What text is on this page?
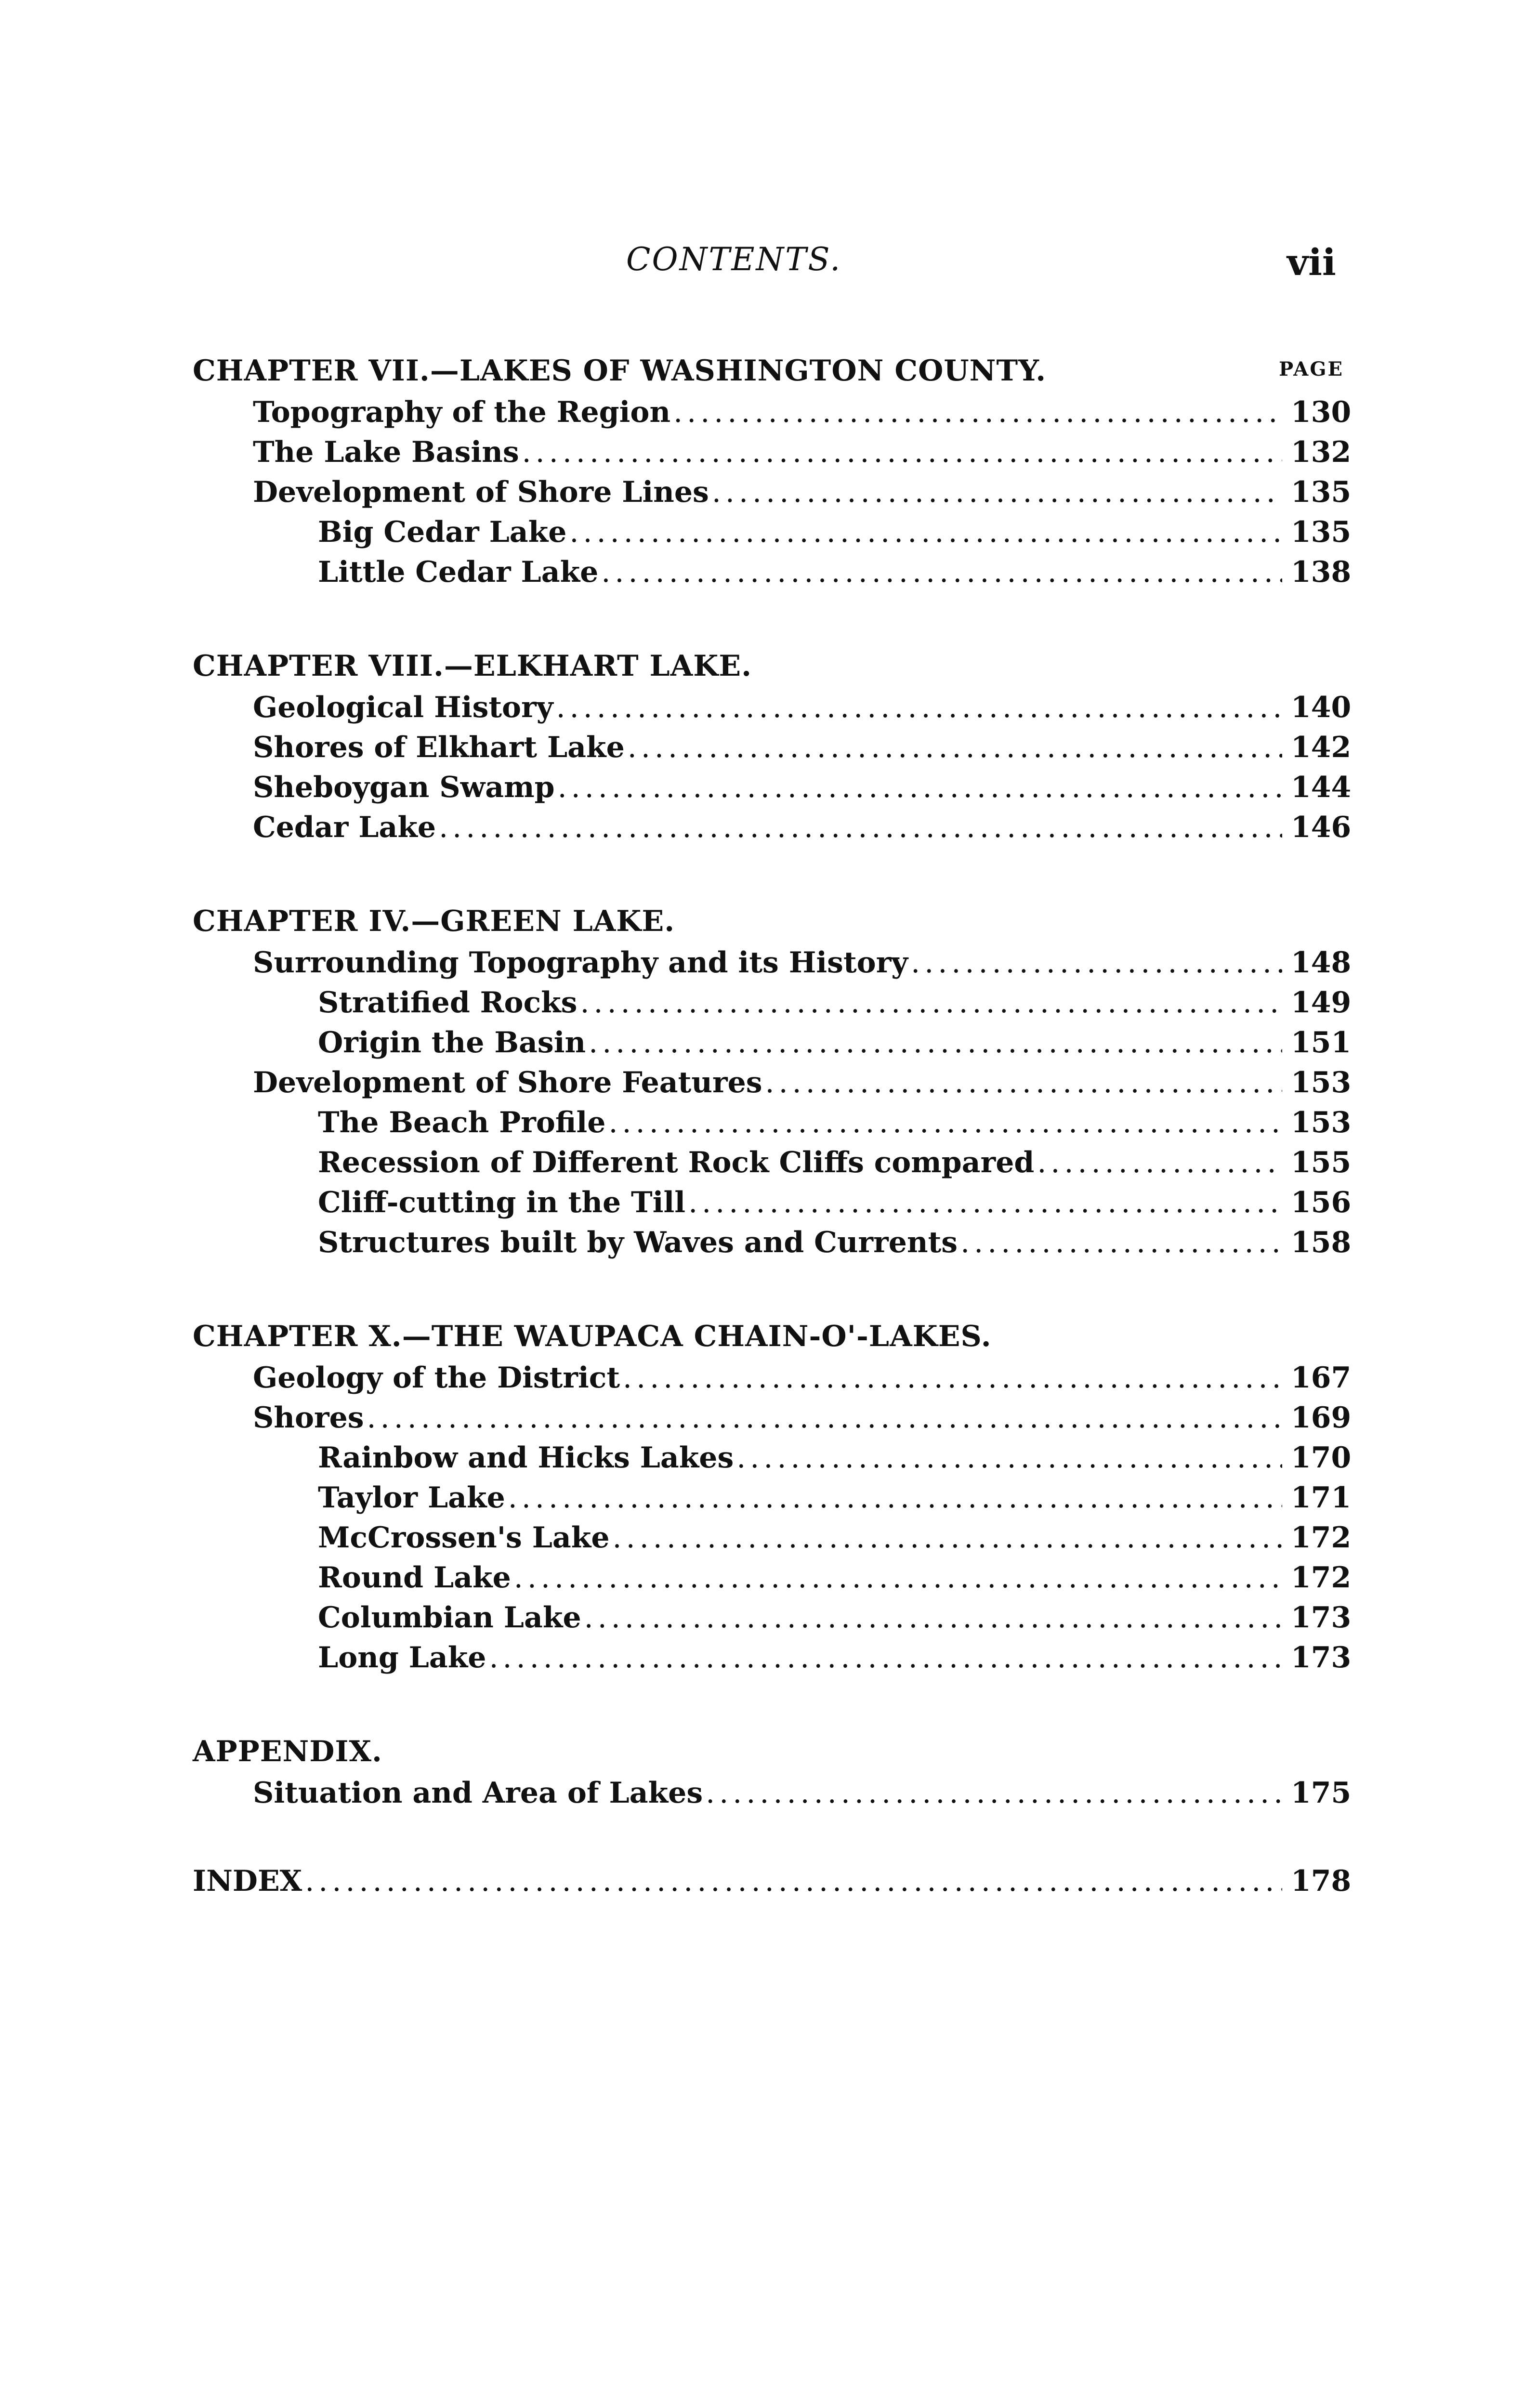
CONTENTS.	vii
CHAPTER VII.—LAKES OF WASHINGTON COUNTY.	PAGE
Topography of the Region .....	130
The Lake Basins .....	132
Development of Shore Lines .....	135
Big Cedar Lake .....	135
Little Cedar Lake .....	138
CHAPTER VIII.—ELKHART LAKE.
Geological History .....	140
Shores of Elkhart Lake .....	142
Sheboygan Swamp .....	144
Cedar Lake .....	146
CHAPTER IV.—GREEN LAKE.
Surrounding Topography and its History .....	148
Stratified Rocks .....	149
Origin the Basin .....	151
Development of Shore Features .....	153
The Beach Profile .....	153
Recession of Different Rock Cliffs compared .....	155
Cliff-cutting in the Till .....	156
Structures built by Waves and Currents .....	158
CHAPTER X.—THE WAUPACA CHAIN-O'-LAKES.
Geology of the District .....	167
Shores .....	169
Rainbow and Hicks Lakes .....	170
Taylor Lake .....	171
McCrossen's Lake .....	172
Round Lake .....	172
Columbian Lake .....	173
Long Lake .....	173
APPENDIX.
Situation and Area of Lakes .....	175
INDEX .....	178
